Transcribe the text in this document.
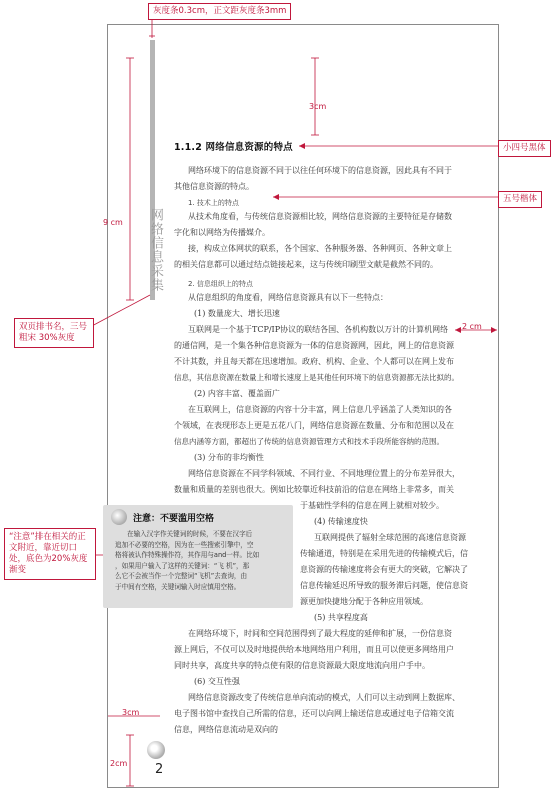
网络信息采集
灰度条0.3cm，正文距灰度条3mm
小四号黑体
五号楷体
双页排书名，三号粗宋 30%灰度
“注意”排在相关的正文附近，靠近切口处，底色为20%灰度渐变
3cm
9 cm
2 cm
3cm
2cm
1.1.2 网络信息资源的特点

网络环境下的信息资源不同于以往任何环境下的信息资源，因此具有不同于

其他信息资源的特点。

1. 技术上的特点

从技术角度看，与传统信息资源相比较，网络信息资源的主要特征是存储数

字化和以网络为传播媒介。

接，构成立体网状的联系，各个国家、各种服务器、各种网页、各种文章上

的相关信息都可以通过结点链接起来，这与传统印刷型文献是截然不同的。

2. 信息组织上的特点

从信息组织的角度看，网络信息资源具有以下一些特点：

(1) 数量庞大、增长迅速

互联网是一个基于TCP/IP协议的联结各国、各机构数以万计的计算机网络

的通信网，是一个集各种信息资源为一体的信息资源网，因此，网上的信息资源

不计其数，并且每天都在迅速增加。政府、机构、企业、个人都可以在网上发布

信息，其信息资源在数量上和增长速度上是其他任何环境下的信息资源都无法比拟的。

(2) 内容丰富、覆盖面广

在互联网上，信息资源的内容十分丰富，网上信息几乎涵盖了人类知识的各

个领域，在表现形态上更是五花八门，网络信息资源在数量、分布和范围以及在

信息内涵等方面，都超出了传统的信息资源管理方式和技术手段所能容纳的范围。

(3) 分布的非均衡性

网络信息资源在不同学科领域、不同行业、不同地理位置上的分布差异很大，

数量和质量的差别也很大。例如比较靠近科技前沿的信息在网络上非常多，而关

于基础性学科的信息在网上就相对较少。

注意：不要滥用空格
在输入汉字作关键词的时候，不要在汉字后
追加不必要的空格，因为在一些搜索引擎中，空
格将被认作特殊操作符，其作用与and一样。比如
，如果用户输入了这样的关键词：“飞 机”，那
么它不会被当作一个完整词“飞机”去查询，由
于中间有空格，关键词输入时应慎用空格。

(4) 传输速度快

互联网提供了辐射全球范围的高速信息资源

传输通道，特别是在采用先进的传输模式后，信

息资源的传输速度将会有更大的突破，它解决了

信息传输延迟所导致的服务滞后问题，使信息资

源更加快捷地分配于各种应用领域。

(5) 共享程度高

在网络环境下，时间和空间范围得到了最大程度的延伸和扩展，一份信息资

源上网后，不仅可以及时地提供给本地网络用户利用，而且可以使更多网络用户

同时共享，高度共享的特点使有限的信息资源最大限度地流向用户手中。

(6) 交互性强

网络信息资源改变了传统信息单向流动的模式，人们可以主动到网上数据库、

电子图书馆中查找自己所需的信息，还可以向网上输送信息或通过电子信箱交流

信息，网络信息流动是双向的

2
